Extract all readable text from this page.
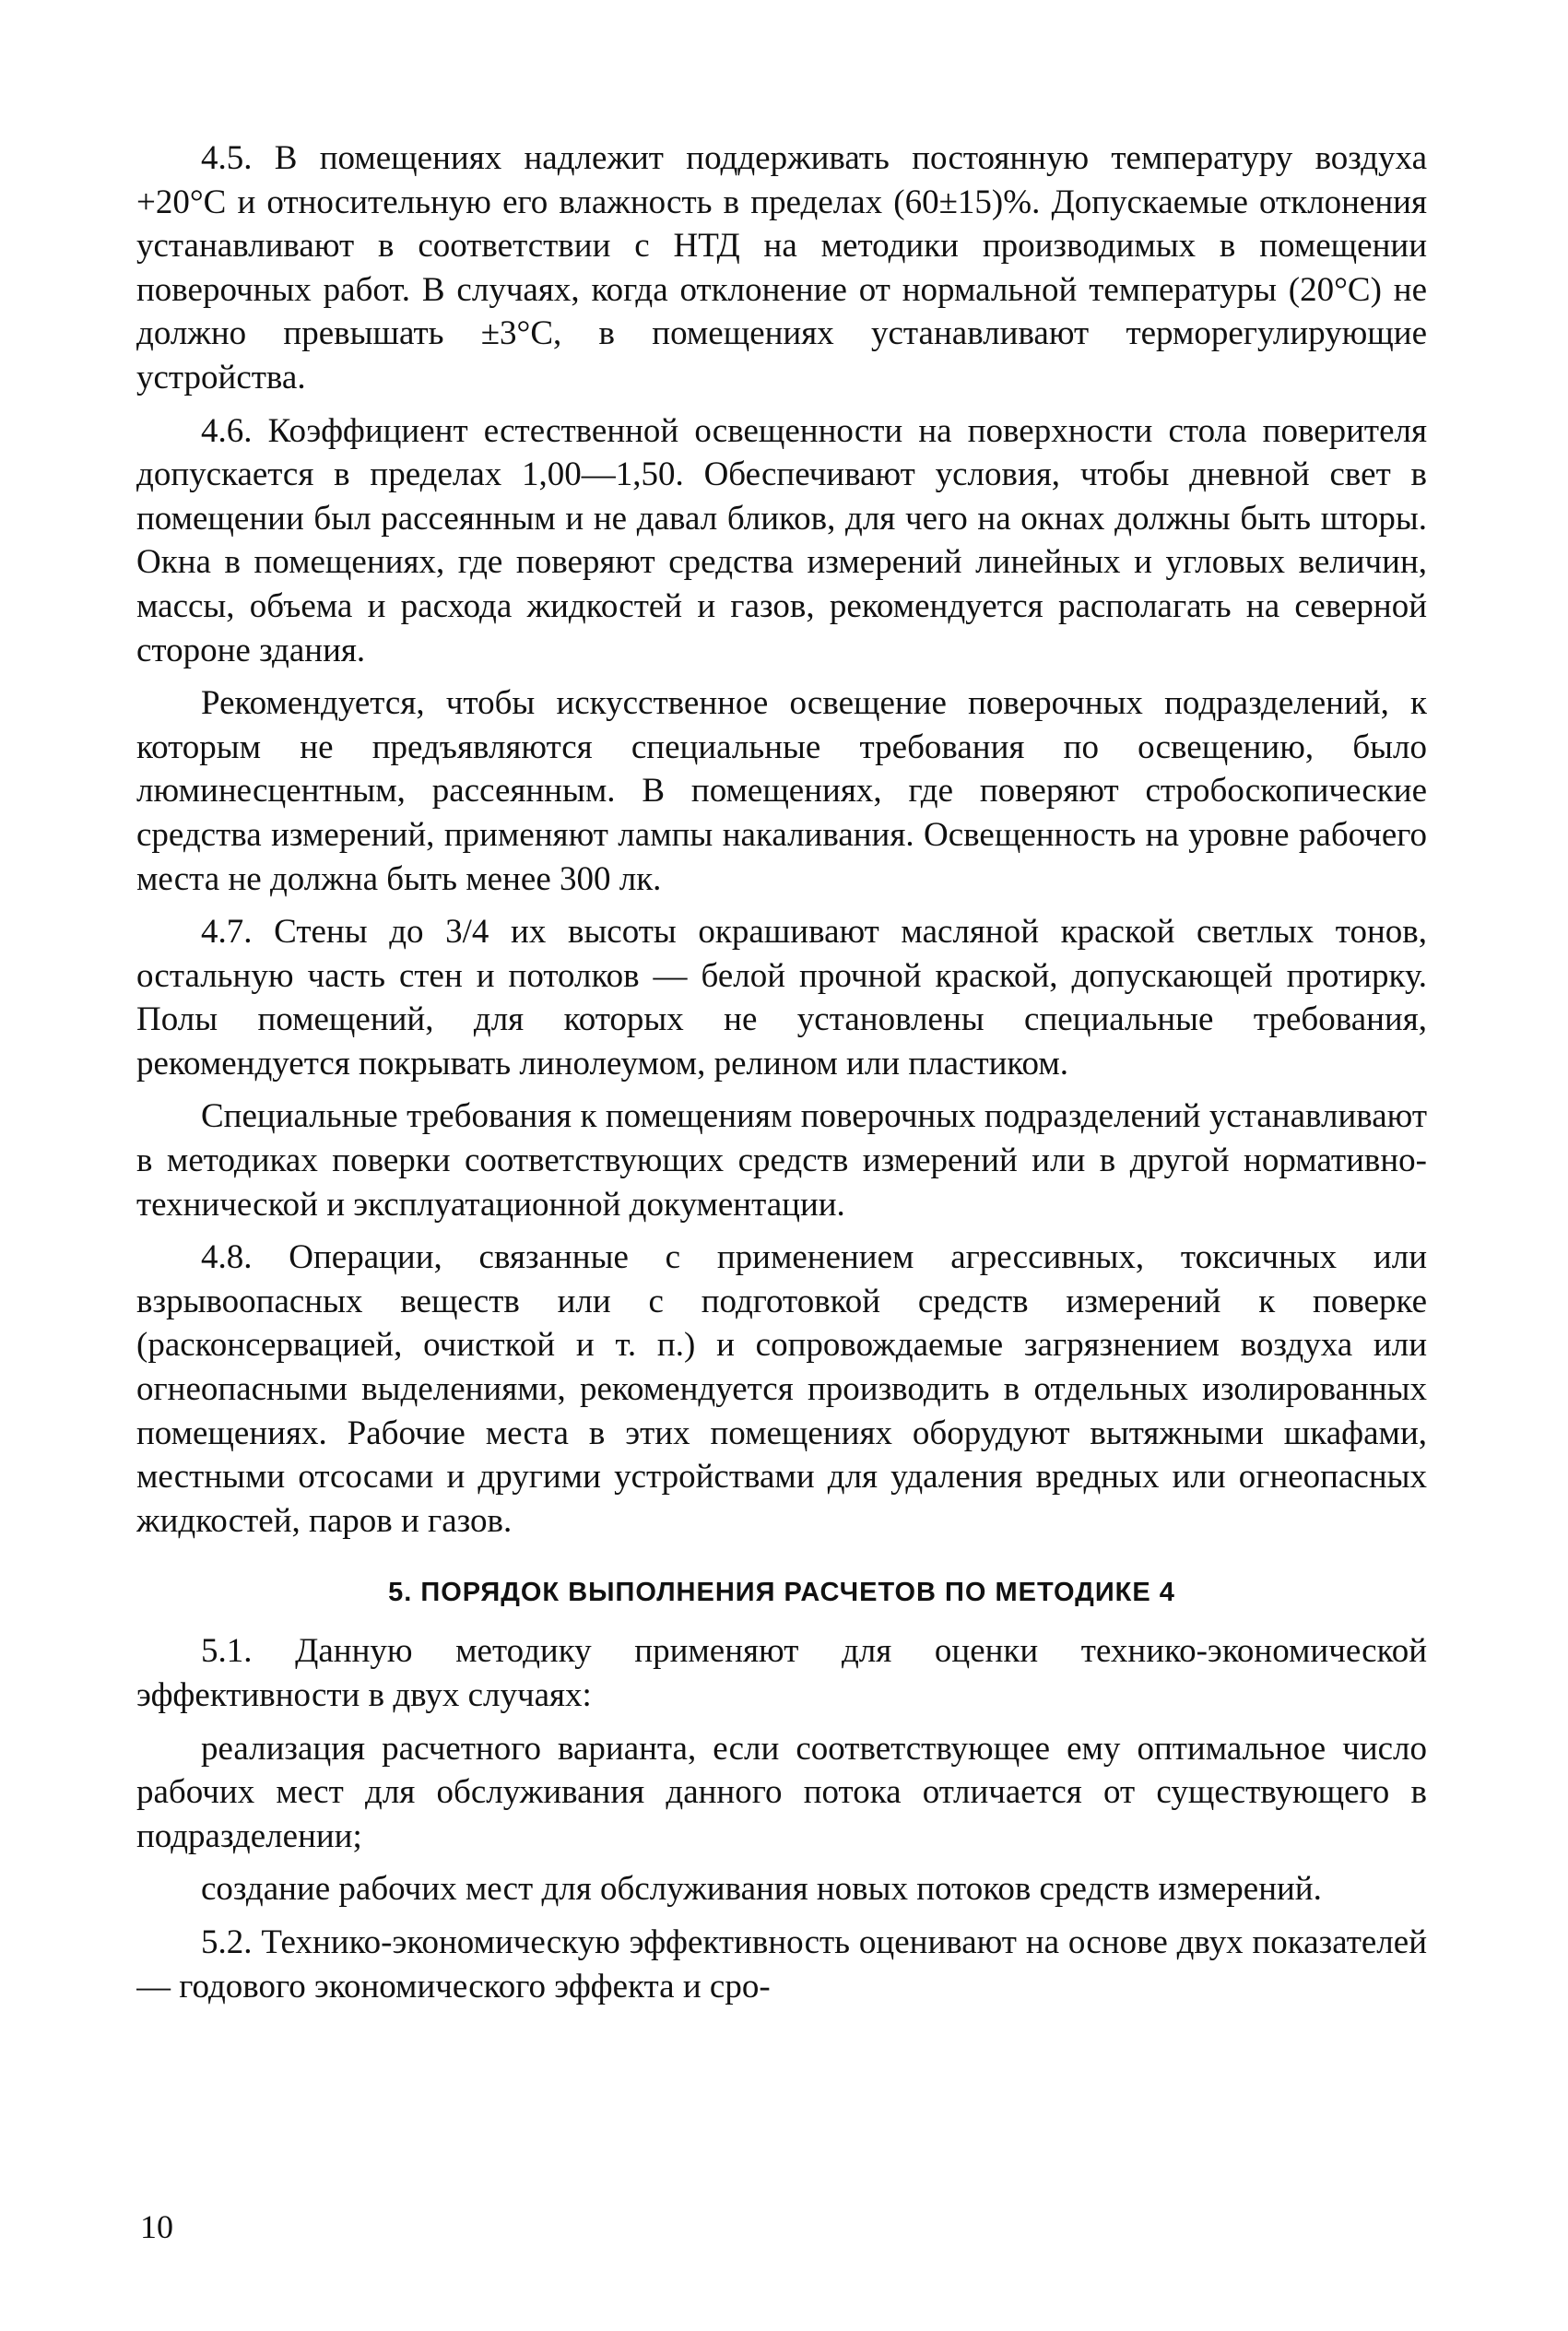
4.5. В помещениях надлежит поддерживать постоянную температуру воздуха +20°C и относительную его влажность в пределах (60±15)%. Допускаемые отклонения устанавливают в соответствии с НТД на методики производимых в помещении поверочных работ. В случаях, когда отклонение от нормальной температуры (20°C) не должно превышать ±3°C, в помещениях устанавливают терморегулирующие устройства.

4.6. Коэффициент естественной освещенности на поверхности стола поверителя допускается в пределах 1,00—1,50. Обеспечивают условия, чтобы дневной свет в помещении был рассеянным и не давал бликов, для чего на окнах должны быть шторы. Окна в помещениях, где поверяют средства измерений линейных и угловых величин, массы, объема и расхода жидкостей и газов, рекомендуется располагать на северной стороне здания.

Рекомендуется, чтобы искусственное освещение поверочных подразделений, к которым не предъявляются специальные требования по освещению, было люминесцентным, рассеянным. В помещениях, где поверяют стробоскопические средства измерений, применяют лампы накаливания. Освещенность на уровне рабочего места не должна быть менее 300 лк.

4.7. Стены до 3/4 их высоты окрашивают масляной краской светлых тонов, остальную часть стен и потолков — белой прочной краской, допускающей протирку. Полы помещений, для которых не установлены специальные требования, рекомендуется покрывать линолеумом, релином или пластиком.

Специальные требования к помещениям поверочных подразделений устанавливают в методиках поверки соответствующих средств измерений или в другой нормативно-технической и эксплуатационной документации.

4.8. Операции, связанные с применением агрессивных, токсичных или взрывоопасных веществ или с подготовкой средств измерений к поверке (расконсервацией, очисткой и т. п.) и сопровождаемые загрязнением воздуха или огнеопасными выделениями, рекомендуется производить в отдельных изолированных помещениях. Рабочие места в этих помещениях оборудуют вытяжными шкафами, местными отсосами и другими устройствами для удаления вредных или огнеопасных жидкостей, паров и газов.

5. ПОРЯДОК ВЫПОЛНЕНИЯ РАСЧЕТОВ ПО МЕТОДИКЕ 4

5.1. Данную методику применяют для оценки технико-экономической эффективности в двух случаях:

реализация расчетного варианта, если соответствующее ему оптимальное число рабочих мест для обслуживания данного потока отличается от существующего в подразделении;

создание рабочих мест для обслуживания новых потоков средств измерений.

5.2. Технико-экономическую эффективность оценивают на основе двух показателей — годового экономического эффекта и сро-

10
